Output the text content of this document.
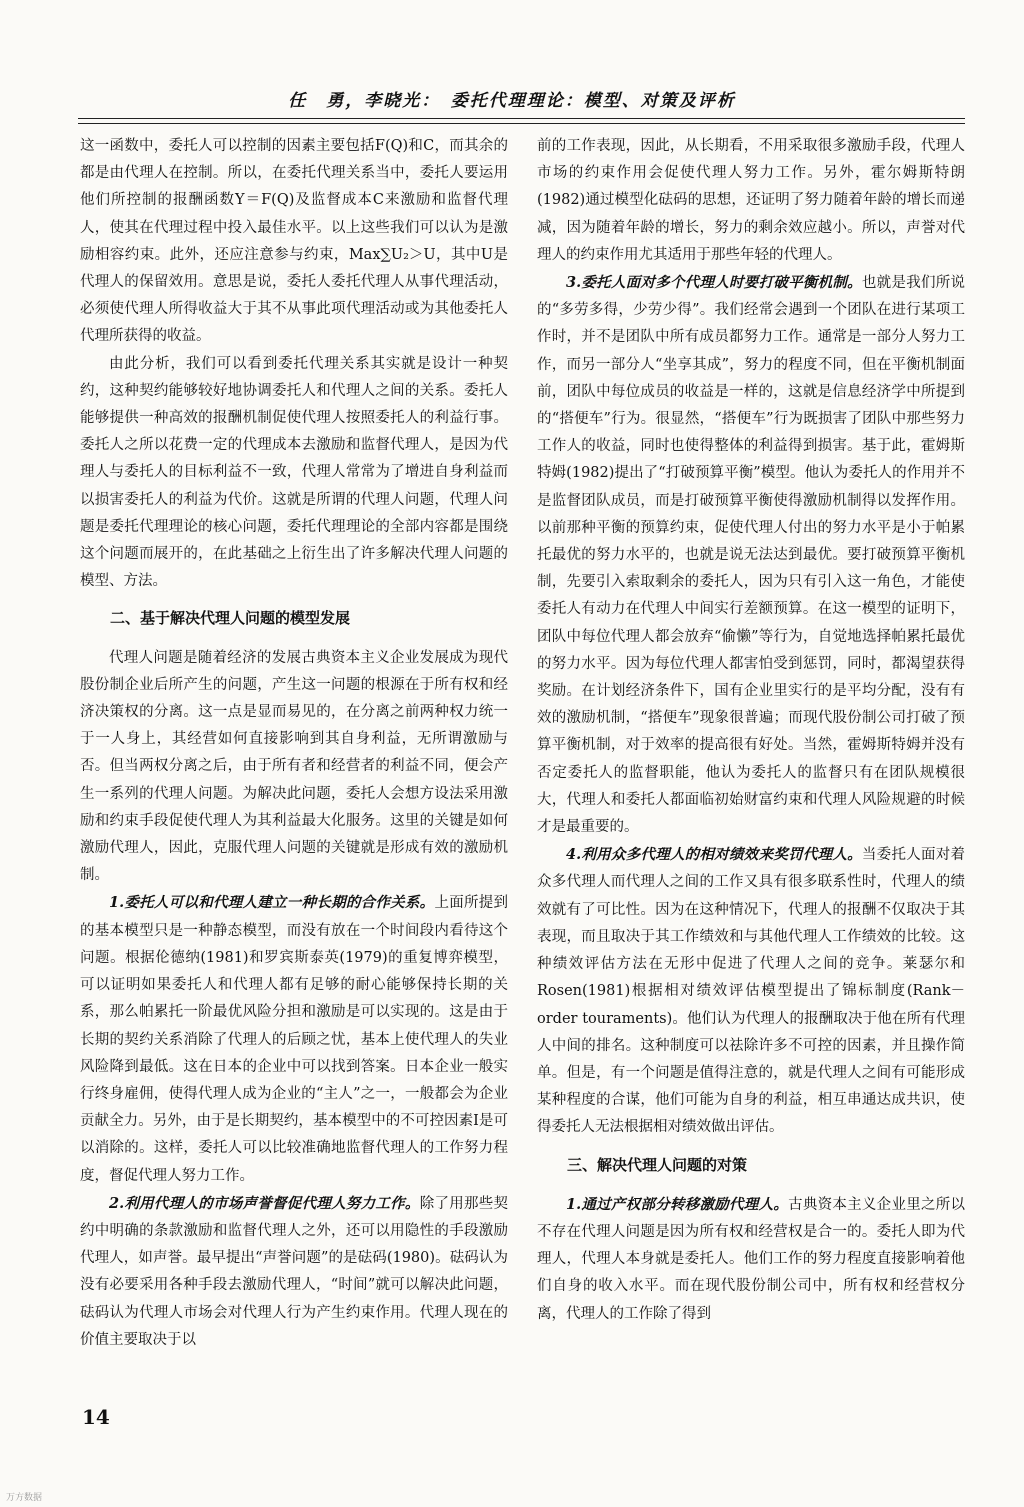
任　勇，李晓光：　委托代理理论：模型、对策及评析

这一函数中，委托人可以控制的因素主要包括F(Q)和C，而其余的都是由代理人在控制。所以，在委托代理关系当中，委托人要运用他们所控制的报酬函数Y＝F(Q)及监督成本C来激励和监督代理人，使其在代理过程中投入最佳水平。以上这些我们可以认为是激励相容约束。此外，还应注意参与约束，Max∑U₂＞U，其中U是代理人的保留效用。意思是说，委托人委托代理人从事代理活动，必须使代理人所得收益大于其不从事此项代理活动或为其他委托人代理所获得的收益。

由此分析，我们可以看到委托代理关系其实就是设计一种契约，这种契约能够较好地协调委托人和代理人之间的关系。委托人能够提供一种高效的报酬机制促使代理人按照委托人的利益行事。委托人之所以花费一定的代理成本去激励和监督代理人，是因为代理人与委托人的目标利益不一致，代理人常常为了增进自身利益而以损害委托人的利益为代价。这就是所谓的代理人问题，代理人问题是委托代理理论的核心问题，委托代理理论的全部内容都是围绕这个问题而展开的，在此基础之上衍生出了许多解决代理人问题的模型、方法。

二、基于解决代理人问题的模型发展

代理人问题是随着经济的发展古典资本主义企业发展成为现代股份制企业后所产生的问题，产生这一问题的根源在于所有权和经济决策权的分离。这一点是显而易见的，在分离之前两种权力统一于一人身上，其经营如何直接影响到其自身利益，无所谓激励与否。但当两权分离之后，由于所有者和经营者的利益不同，便会产生一系列的代理人问题。为解决此问题，委托人会想方设法采用激励和约束手段促使代理人为其利益最大化服务。这里的关键是如何激励代理人，因此，克服代理人问题的关键就是形成有效的激励机制。

1.委托人可以和代理人建立一种长期的合作关系。上面所提到的基本模型只是一种静态模型，而没有放在一个时间段内看待这个问题。根据伦德纳(1981)和罗宾斯泰英(1979)的重复博弈模型，可以证明如果委托人和代理人都有足够的耐心能够保持长期的关系，那么帕累托一阶最优风险分担和激励是可以实现的。这是由于长期的契约关系消除了代理人的后顾之忧，基本上使代理人的失业风险降到最低。这在日本的企业中可以找到答案。日本企业一般实行终身雇佣，使得代理人成为企业的“主人”之一，一般都会为企业贡献全力。另外，由于是长期契约，基本模型中的不可控因素I是可以消除的。这样，委托人可以比较准确地监督代理人的工作努力程度，督促代理人努力工作。

2.利用代理人的市场声誉督促代理人努力工作。除了用那些契约中明确的条款激励和监督代理人之外，还可以用隐性的手段激励代理人，如声誉。最早提出“声誉问题”的是砝码(1980)。砝码认为没有必要采用各种手段去激励代理人，“时间”就可以解决此问题，砝码认为代理人市场会对代理人行为产生约束作用。代理人现在的价值主要取决于以

前的工作表现，因此，从长期看，不用采取很多激励手段，代理人市场的约束作用会促使代理人努力工作。另外，霍尔姆斯特朗(1982)通过模型化砝码的思想，还证明了努力随着年龄的增长而递减，因为随着年龄的增长，努力的剩余效应越小。所以，声誉对代理人的约束作用尤其适用于那些年轻的代理人。

3.委托人面对多个代理人时要打破平衡机制。也就是我们所说的“多劳多得，少劳少得”。我们经常会遇到一个团队在进行某项工作时，并不是团队中所有成员都努力工作。通常是一部分人努力工作，而另一部分人“坐享其成”，努力的程度不同，但在平衡机制面前，团队中每位成员的收益是一样的，这就是信息经济学中所提到的“搭便车”行为。很显然，“搭便车”行为既损害了团队中那些努力工作人的收益，同时也使得整体的利益得到损害。基于此，霍姆斯特姆(1982)提出了“打破预算平衡”模型。他认为委托人的作用并不是监督团队成员，而是打破预算平衡使得激励机制得以发挥作用。以前那种平衡的预算约束，促使代理人付出的努力水平是小于帕累托最优的努力水平的，也就是说无法达到最优。要打破预算平衡机制，先要引入索取剩余的委托人，因为只有引入这一角色，才能使委托人有动力在代理人中间实行差额预算。在这一模型的证明下，团队中每位代理人都会放弃“偷懒”等行为，自觉地选择帕累托最优的努力水平。因为每位代理人都害怕受到惩罚，同时，都渴望获得奖励。在计划经济条件下，国有企业里实行的是平均分配，没有有效的激励机制，“搭便车”现象很普遍；而现代股份制公司打破了预算平衡机制，对于效率的提高很有好处。当然，霍姆斯特姆并没有否定委托人的监督职能，他认为委托人的监督只有在团队规模很大，代理人和委托人都面临初始财富约束和代理人风险规避的时候才是最重要的。

4.利用众多代理人的相对绩效来奖罚代理人。当委托人面对着众多代理人而代理人之间的工作又具有很多联系性时，代理人的绩效就有了可比性。因为在这种情况下，代理人的报酬不仅取决于其表现，而且取决于其工作绩效和与其他代理人工作绩效的比较。这种绩效评估方法在无形中促进了代理人之间的竞争。莱瑟尔和Rosen(1981)根据相对绩效评估模型提出了锦标制度(Rank－order touraments)。他们认为代理人的报酬取决于他在所有代理人中间的排名。这种制度可以祛除许多不可控的因素，并且操作简单。但是，有一个问题是值得注意的，就是代理人之间有可能形成某种程度的合谋，他们可能为自身的利益，相互串通达成共识，使得委托人无法根据相对绩效做出评估。

三、解决代理人问题的对策

1.通过产权部分转移激励代理人。古典资本主义企业里之所以不存在代理人问题是因为所有权和经营权是合一的。委托人即为代理人，代理人本身就是委托人。他们工作的努力程度直接影响着他们自身的收入水平。而在现代股份制公司中，所有权和经营权分离，代理人的工作除了得到

14
万方数据
